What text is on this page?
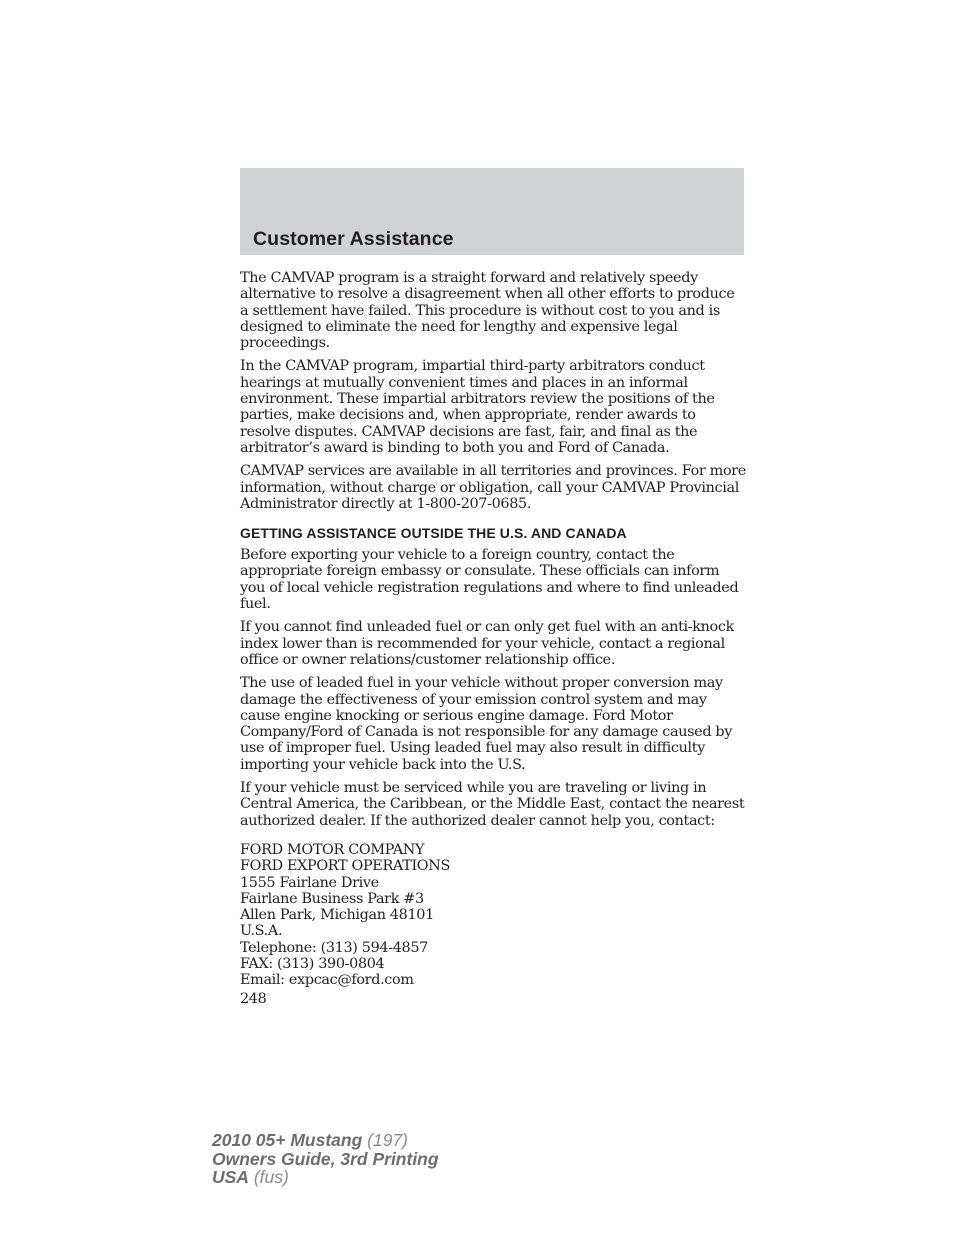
Customer Assistance

The CAMVAP program is a straight forward and relatively speedy alternative to resolve a disagreement when all other efforts to produce a settlement have failed. This procedure is without cost to you and is designed to eliminate the need for lengthy and expensive legal proceedings.

In the CAMVAP program, impartial third-party arbitrators conduct hearings at mutually convenient times and places in an informal environment. These impartial arbitrators review the positions of the parties, make decisions and, when appropriate, render awards to resolve disputes. CAMVAP decisions are fast, fair, and final as the arbitrator’s award is binding to both you and Ford of Canada.

CAMVAP services are available in all territories and provinces. For more information, without charge or obligation, call your CAMVAP Provincial Administrator directly at 1-800-207-0685.

GETTING ASSISTANCE OUTSIDE THE U.S. AND CANADA

Before exporting your vehicle to a foreign country, contact the appropriate foreign embassy or consulate. These officials can inform you of local vehicle registration regulations and where to find unleaded fuel.

If you cannot find unleaded fuel or can only get fuel with an anti-knock index lower than is recommended for your vehicle, contact a regional office or owner relations/customer relationship office.

The use of leaded fuel in your vehicle without proper conversion may damage the effectiveness of your emission control system and may cause engine knocking or serious engine damage. Ford Motor Company/Ford of Canada is not responsible for any damage caused by use of improper fuel. Using leaded fuel may also result in difficulty importing your vehicle back into the U.S.

If your vehicle must be serviced while you are traveling or living in Central America, the Caribbean, or the Middle East, contact the nearest authorized dealer. If the authorized dealer cannot help you, contact:

FORD MOTOR COMPANY
FORD EXPORT OPERATIONS
1555 Fairlane Drive
Fairlane Business Park #3
Allen Park, Michigan 48101
U.S.A.
Telephone: (313) 594-4857
FAX: (313) 390-0804
Email: expcac@ford.com
248
2010 05+ Mustang (197)
Owners Guide, 3rd Printing
USA (fus)
